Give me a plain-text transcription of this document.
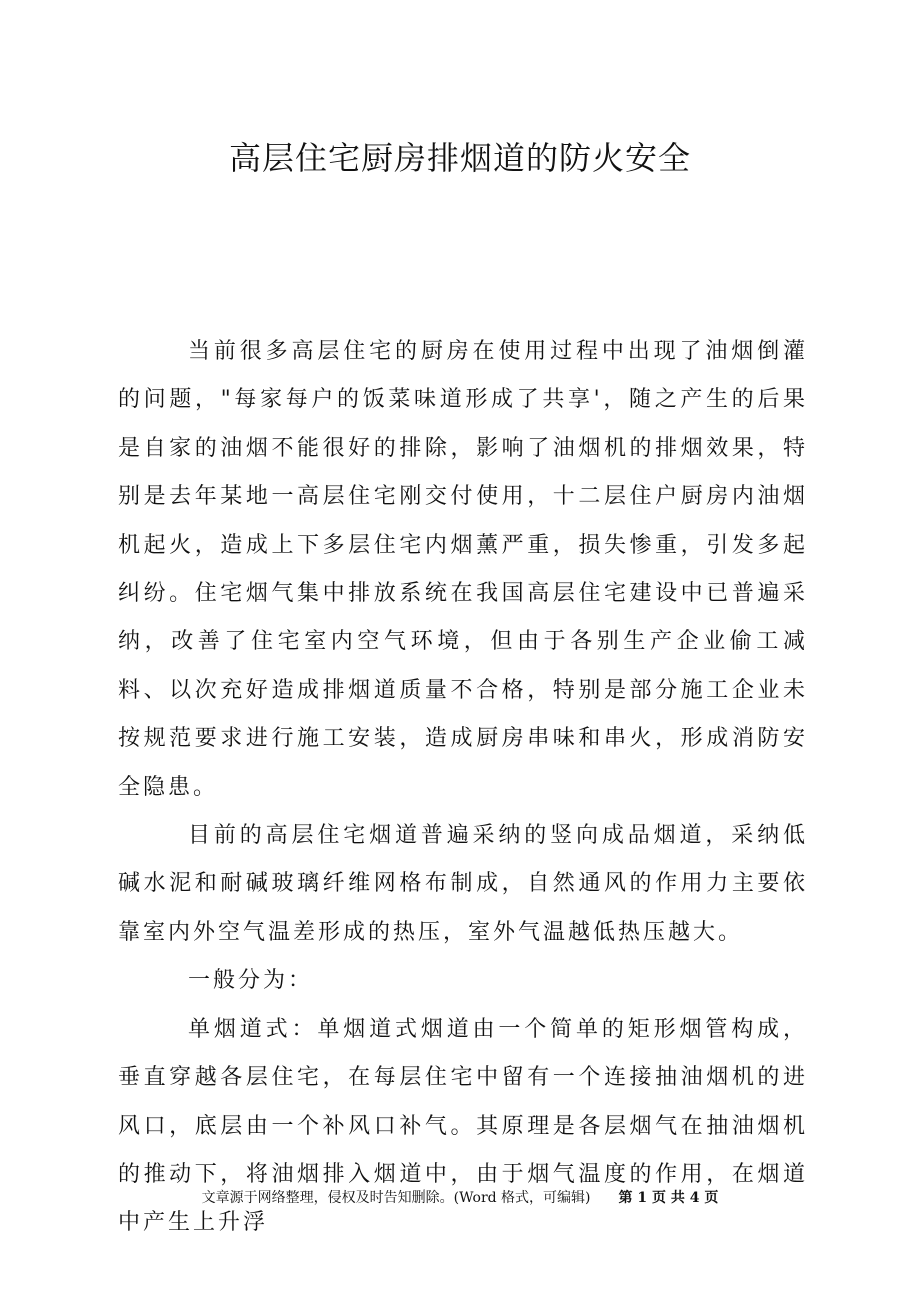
高层住宅厨房排烟道的防火安全

当前很多高层住宅的厨房在使用过程中出现了油烟倒灌的问题，"每家每户的饭菜味道形成了共享'，随之产生的后果是自家的油烟不能很好的排除，影响了油烟机的排烟效果，特别是去年某地一高层住宅刚交付使用，十二层住户厨房内油烟机起火，造成上下多层住宅内烟薰严重，损失惨重，引发多起纠纷。住宅烟气集中排放系统在我国高层住宅建设中已普遍采纳，改善了住宅室内空气环境，但由于各别生产企业偷工减料、以次充好造成排烟道质量不合格，特别是部分施工企业未按规范要求进行施工安装，造成厨房串味和串火，形成消防安全隐患。

目前的高层住宅烟道普遍采纳的竖向成品烟道，采纳低碱水泥和耐碱玻璃纤维网格布制成，自然通风的作用力主要依靠室内外空气温差形成的热压，室外气温越低热压越大。

一般分为：

单烟道式：单烟道式烟道由一个简单的矩形烟管构成，垂直穿越各层住宅，在每层住宅中留有一个连接抽油烟机的进风口，底层由一个补风口补气。其原理是各层烟气在抽油烟机的推动下，将油烟排入烟道中，由于烟气温度的作用，在烟道中产生上升浮

文章源于网络整理，侵权及时告知删除。(Word 格式，可编辑) 第 1 页 共 4 页
